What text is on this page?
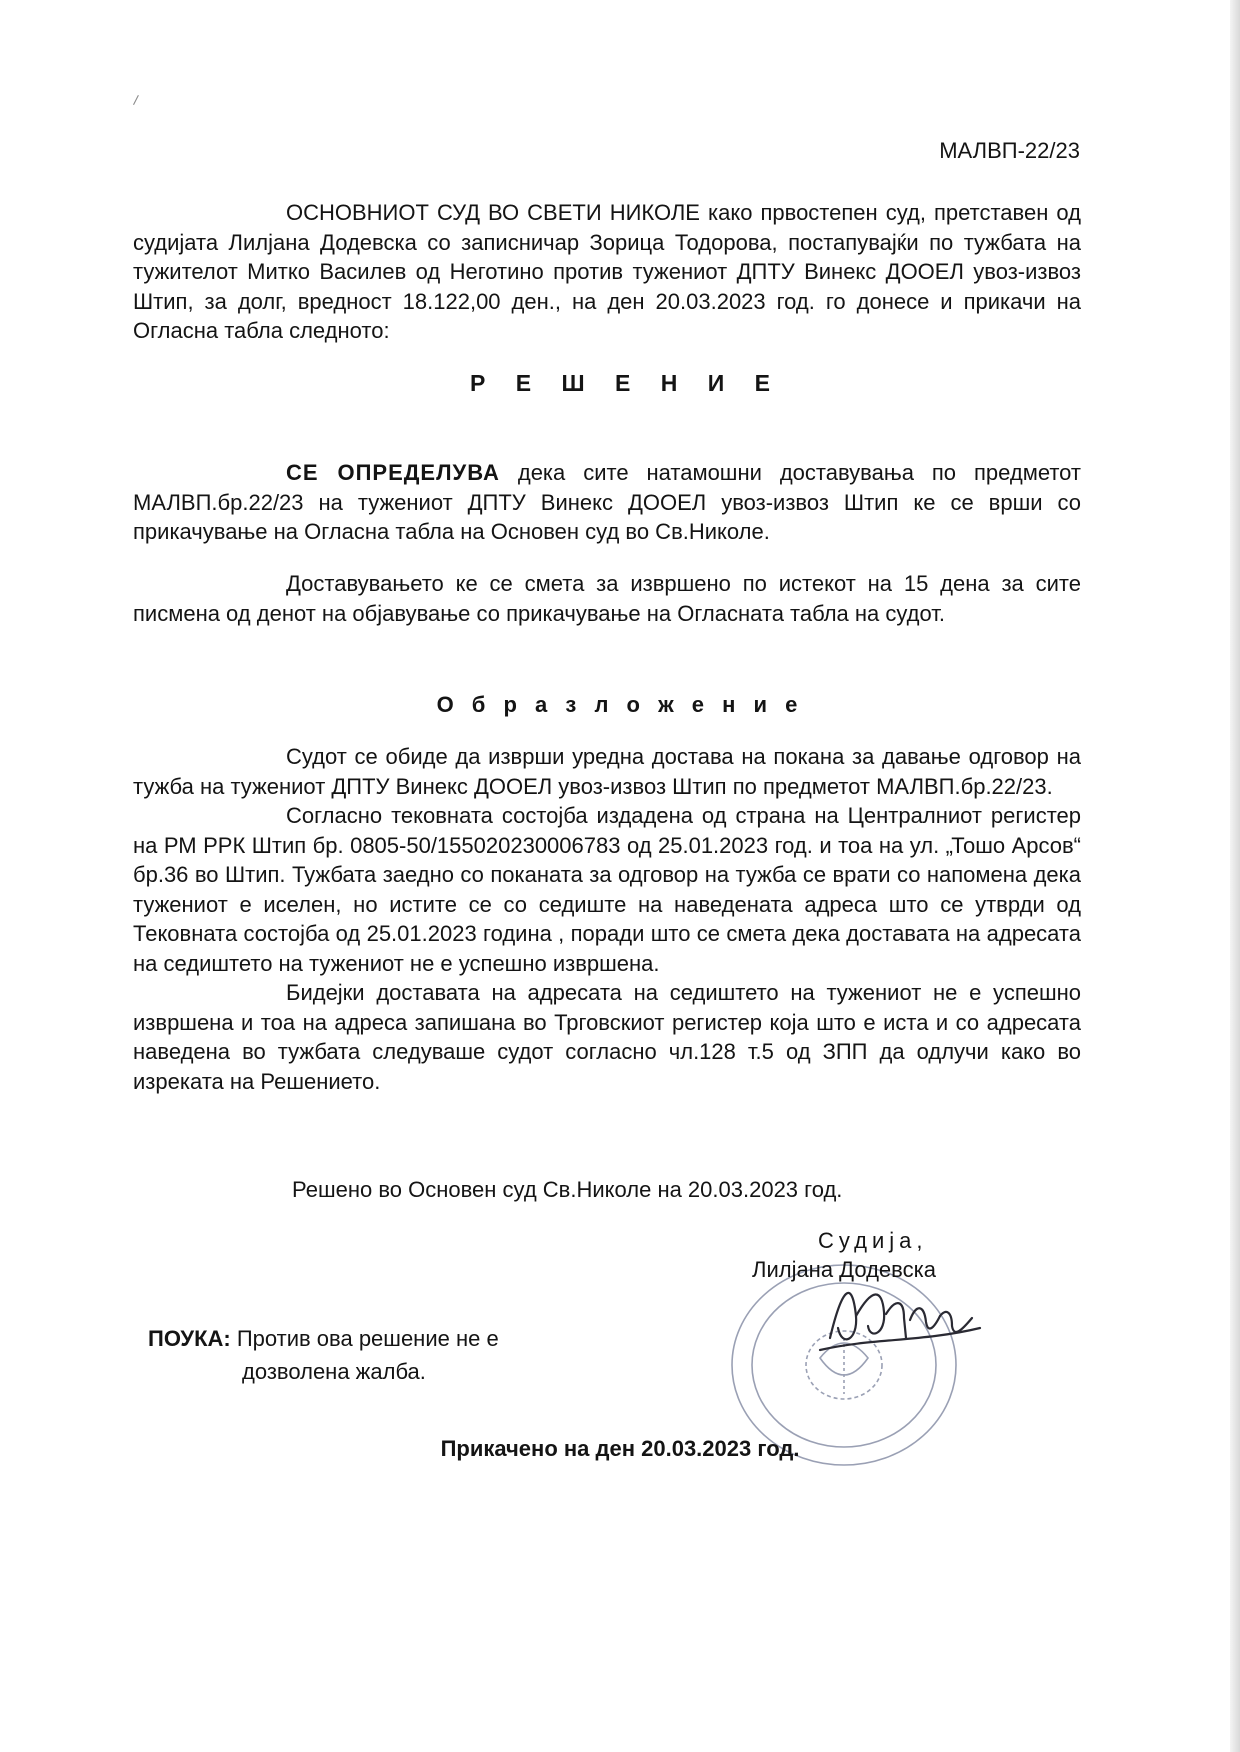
/
МАЛВП-22/23

ОСНОВНИОТ СУД ВО СВЕТИ НИКОЛЕ како првостепен суд, претставен од судијата Лилјана Додевска со записничар Зорица Тодорова, постапувајќи по тужбата на тужителот Митко Василев од Неготино против тужениот ДПТУ Винекс ДООЕЛ увоз-извоз Штип, за долг, вредност 18.122,00 ден., на ден 20.03.2023 год. го донесе и прикачи на Огласна табла следното:

Р Е Ш Е Н И Е

СЕ ОПРЕДЕЛУВА дека сите натамошни доставувања по предметот МАЛВП.бр.22/23 на тужениот ДПТУ Винекс ДООЕЛ увоз-извоз Штип ке се врши со прикачување на Огласна табла на Основен суд во Св.Николе.

Доставувањето ке се смета за извршено по истекот на 15 дена за сите писмена од денот на објавување со прикачување на Огласната табла на судот.

О б р а з л о ж е н и е

Судот се обиде да изврши уредна достава на покана за давање одговор на тужба на тужениот ДПТУ Винекс ДООЕЛ увоз-извоз Штип по предметот МАЛВП.бр.22/23.

Согласно тековната состојба издадена од страна на Централниот регистер на РМ РРК Штип бр. 0805-50/155020230006783 од 25.01.2023 год. и тоа на ул. „Тошо Арсов“ бр.36 во Штип. Тужбата заедно со поканата за одговор на тужба се врати со напомена дека тужениот е иселен, но истите се со седиште на наведената адреса што се утврди од Тековната состојба од 25.01.2023 година , поради што се смета дека доставата на адресата на седиштето на тужениот не е успешно извршена.

Бидејки доставата на адресата на седиштето на тужениот не е успешно извршена и тоа на адреса запишана во Трговскиот регистер која што е иста и со адресата наведена во тужбата следуваше судот согласно чл.128 т.5 од ЗПП да одлучи како во изреката на Решението.

Решено во Основен суд Св.Николе на 20.03.2023 год.
Судија,
Лилјана Додевска
ПОУКА: Против ова решение не е
дозволена жалба.
Прикачено на ден 20.03.2023 год.
